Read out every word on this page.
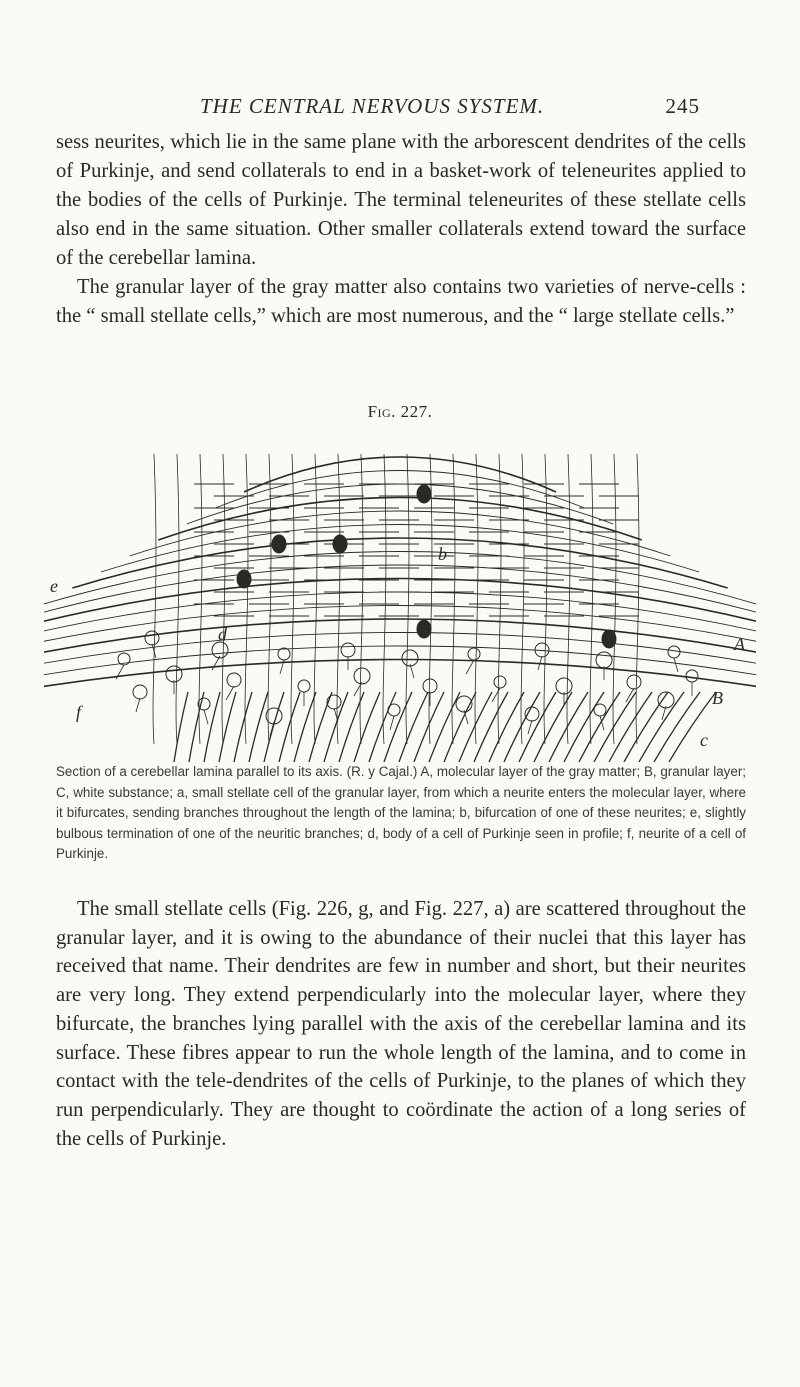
THE CENTRAL NERVOUS SYSTEM.	245

sess neurites, which lie in the same plane with the arborescent dendrites of the cells of Purkinje, and send collaterals to end in a basket-work of teleneurites applied to the bodies of the cells of Purkinje. The terminal teleneurites of these stellate cells also end in the same situation. Other smaller collaterals extend toward the surface of the cerebellar lamina.

The granular layer of the gray matter also contains two varieties of nerve-cells : the “ small stellate cells,” which are most numerous, and the “ large stellate cells.”

Fig. 227.
e
b
A
d
B
f
c
Section of a cerebellar lamina parallel to its axis. (R. y Cajal.) A, molecular layer of the gray matter; B, granular layer; C, white substance; a, small stellate cell of the granular layer, from which a neurite enters the molecular layer, where it bifurcates, sending branches throughout the length of the lamina; b, bifurcation of one of these neurites; e, slightly bulbous termination of one of the neuritic branches; d, body of a cell of Purkinje seen in profile; f, neurite of a cell of Purkinje.

The small stellate cells (Fig. 226, g, and Fig. 227, a) are scattered throughout the granular layer, and it is owing to the abundance of their nuclei that this layer has received that name. Their dendrites are few in number and short, but their neurites are very long. They extend perpendicularly into the molecular layer, where they bifurcate, the branches lying parallel with the axis of the cerebellar lamina and its surface. These fibres appear to run the whole length of the lamina, and to come in contact with the tele-dendrites of the cells of Purkinje, to the planes of which they run perpendicularly. They are thought to coördinate the action of a long series of the cells of Purkinje.
